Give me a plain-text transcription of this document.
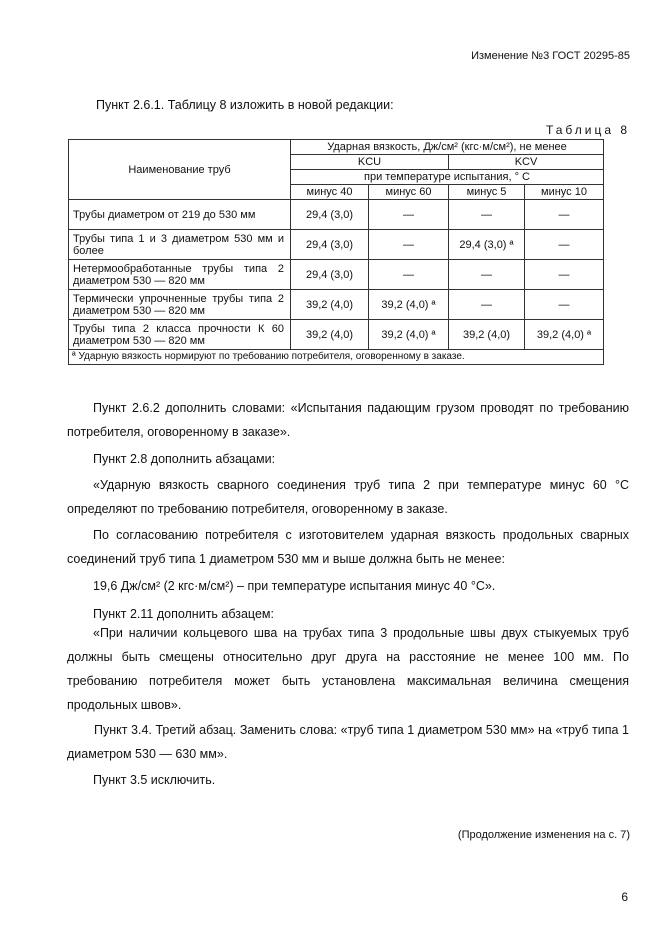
Изменение №3 ГОСТ 20295-85
Пункт 2.6.1. Таблицу 8 изложить в новой редакции:
Таблица 8
Наименование труб	Ударная вязкость, Дж/см² (кгс·м/см²), не менее			
	KCU		KCV	
	при температуре испытания, ° С			
	минус 40	минус 60	минус 5	минус 10
Трубы диаметром от 219 до 530 мм	29,4 (3,0)	—	—	—
Трубы типа 1 и 3 диаметром 530 мм и более	29,4 (3,0)	—	29,4 (3,0) ª	—
Нетермообработанные трубы типа 2 диаметром 530 — 820 мм	29,4 (3,0)	—	—	—
Термически упрочненные трубы типа 2 диаметром 530 — 820 мм	39,2 (4,0)	39,2 (4,0) ª	—	—
Трубы типа 2 класса прочности К 60 диаметром 530 — 820 мм	39,2 (4,0)	39,2 (4,0) ª	39,2 (4,0)	39,2 (4,0) ª
ª Ударную вязкость нормируют по требованию потребителя, оговоренному в заказе.				
Пункт 2.6.2 дополнить словами: «Испытания падающим грузом проводят по требованию потребителя, оговоренному в заказе».
Пункт 2.8 дополнить абзацами:
«Ударную вязкость сварного соединения труб типа 2 при температуре минус 60 °С определяют по требованию потребителя, оговоренному в заказе.
По согласованию потребителя с изготовителем ударная вязкость продольных сварных соединений труб типа 1 диаметром 530 мм и выше должна быть не менее:
19,6 Дж/см² (2 кгс·м/см²) – при температуре испытания минус 40 °С».
Пункт 2.11 дополнить абзацем:
«При наличии кольцевого шва на трубах типа 3 продольные швы двух стыкуемых труб должны быть смещены относительно друг друга на расстояние не менее 100 мм. По требованию потребителя может быть установлена максимальная величина смещения продольных швов».
Пункт 3.4. Третий абзац. Заменить слова: «труб типа 1 диаметром 530 мм» на «труб типа 1 диаметром 530 — 630 мм».
Пункт 3.5 исключить.
(Продолжение изменения на с. 7)
6
